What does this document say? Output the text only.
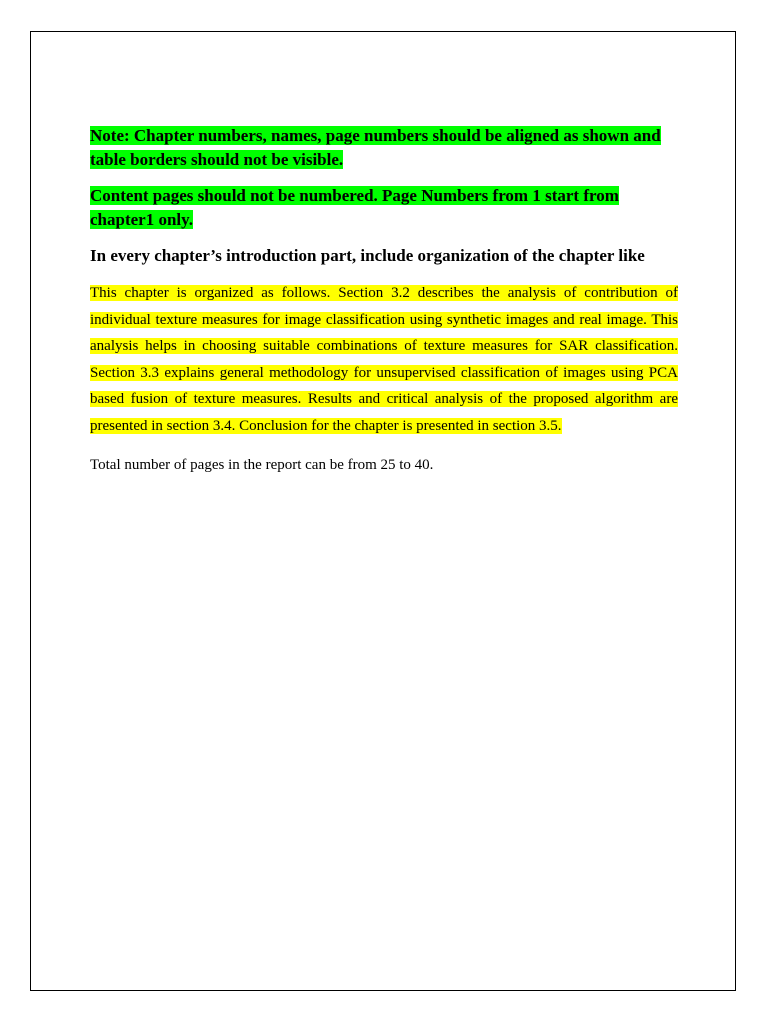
Note: Chapter numbers, names, page numbers should be aligned as shown and table borders should not be visible.

Content pages should not be numbered. Page Numbers from 1 start from chapter1 only.

In every chapter’s introduction part, include organization of the chapter like

This chapter is organized as follows. Section 3.2 describes the analysis of contribution of individual texture measures for image classification using synthetic images and real image. This analysis helps in choosing suitable combinations of texture measures for SAR classification. Section 3.3 explains general methodology for unsupervised classification of images using PCA based fusion of texture measures. Results and critical analysis of the proposed algorithm are presented in section 3.4. Conclusion for the chapter is presented in section 3.5.

Total number of pages in the report can be from 25 to 40.
